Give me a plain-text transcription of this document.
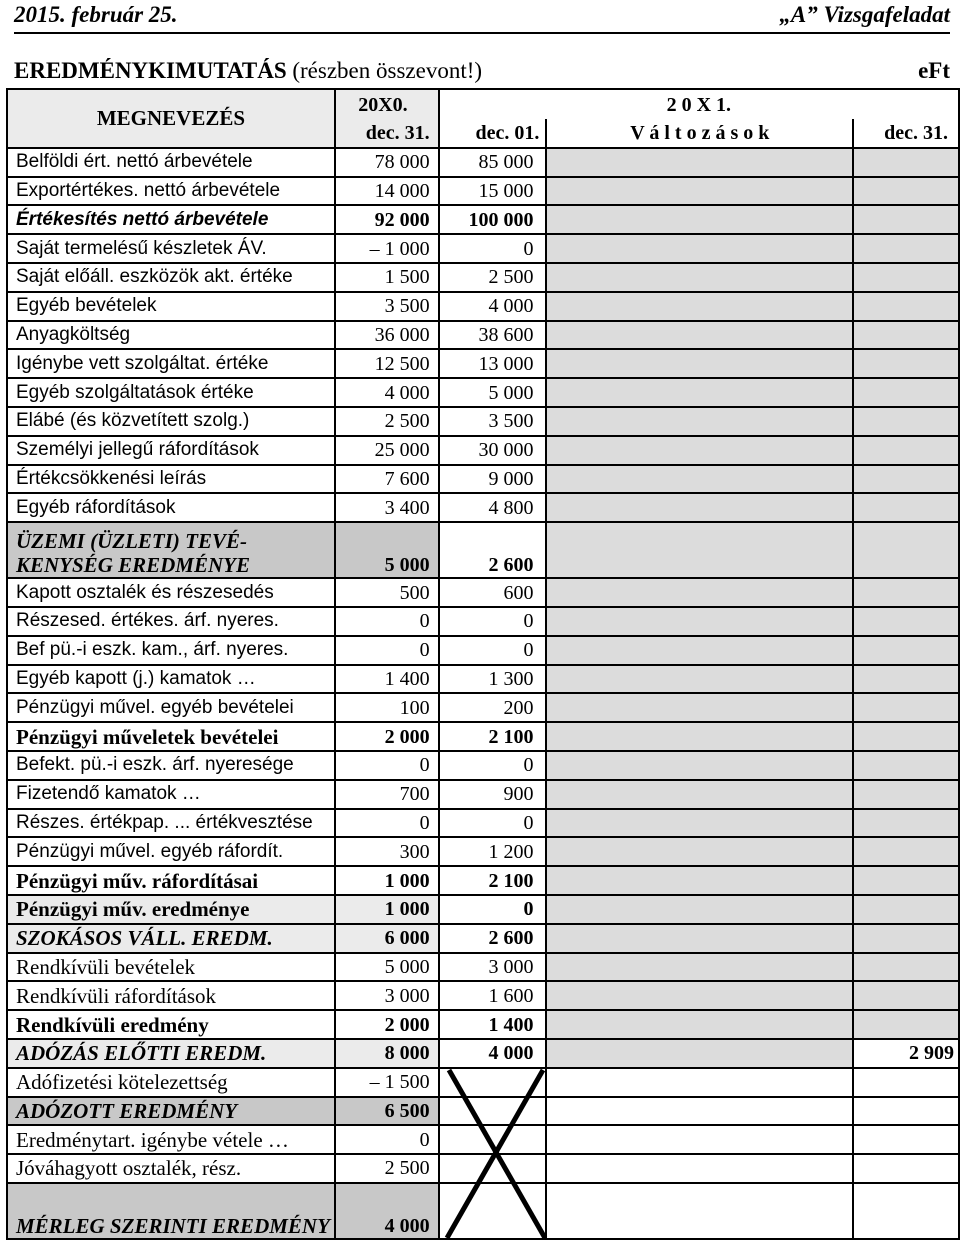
2015. február 25.	„A” Vizsgafeladat
EREDMÉNYKIMUTATÁS (részben összevont!)	eFt
MEGNEVEZÉS	20X0.	2 0 X 1.		
	dec. 31.	dec. 01.	V á l t o z á s o k	dec. 31.
Belföldi ért. nettó árbevétele	78 000	85 000		
Exportértékes. nettó árbevétele	14 000	15 000		
Értékesítés nettó árbevétele	92 000	100 000		
Saját termelésű készletek ÁV.	– 1 000	0		
Saját előáll. eszközök akt. értéke	1 500	2 500		
Egyéb bevételek	3 500	4 000		
Anyagköltség	36 000	38 600		
Igénybe vett szolgáltat. értéke	12 500	13 000		
Egyéb szolgáltatások értéke	4 000	5 000		
Elábé (és közvetített szolg.)	2 500	3 500		
Személyi jellegű ráfordítások	25 000	30 000		
Értékcsökkenési leírás	7 600	9 000		
Egyéb ráfordítások	3 400	4 800		
ÜZEMI (ÜZLETI) TEVÉ-KENYSÉG EREDMÉNYE	5 000	2 600		
Kapott osztalék és részesedés	500	600		
Részesed. értékes. árf. nyeres.	0	0		
Bef pü.-i eszk. kam., árf. nyeres.	0	0		
Egyéb kapott (j.) kamatok …	1 400	1 300		
Pénzügyi művel. egyéb bevételei	100	200		
Pénzügyi műveletek bevételei	2 000	2 100		
Befekt. pü.-i eszk. árf. nyeresége	0	0		
Fizetendő kamatok …	700	900		
Részes. értékpap. ... értékvesztése	0	0		
Pénzügyi művel. egyéb ráfordít.	300	1 200		
Pénzügyi műv. ráfordításai	1 000	2 100		
Pénzügyi műv. eredménye	1 000	0		
SZOKÁSOS VÁLL. EREDM.	6 000	2 600		
Rendkívüli bevételek	5 000	3 000		
Rendkívüli ráfordítások	3 000	1 600		
Rendkívüli eredmény	2 000	1 400		
ADÓZÁS ELŐTTI EREDM.	8 000	4 000		2 909
Adófizetési kötelezettség	– 1 500			
ADÓZOTT EREDMÉNY	6 500			
Eredménytart. igénybe vétele …	0			
Jóváhagyott osztalék, rész.	2 500			
MÉRLEG SZERINTI EREDMÉNY	4 000			
